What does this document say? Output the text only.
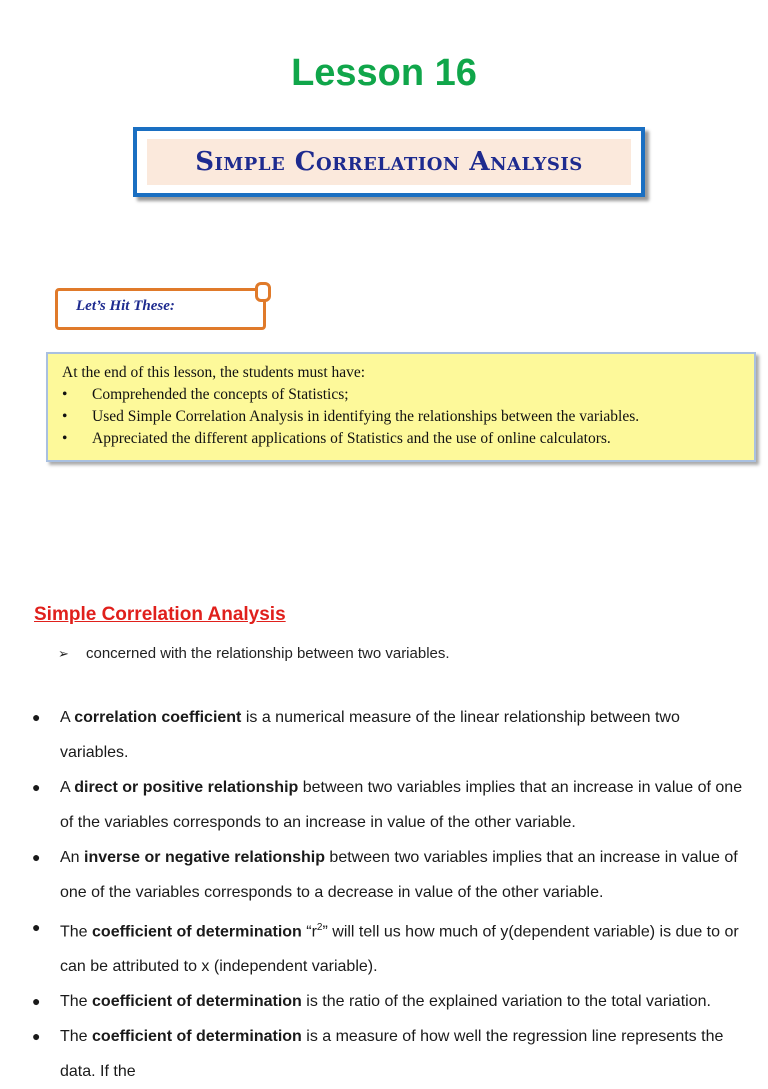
Lesson 16
Simple Correlation Analysis
Let’s Hit These:
At the end of this lesson, the students must have:
•	Comprehended the concepts of Statistics;
•	Used Simple Correlation Analysis in identifying the relationships between the variables.
•	Appreciated the different applications of Statistics and the use of online calculators.
Simple Correlation Analysis
➢	concerned with the relationship between two variables.
●	A correlation coefficient is a numerical measure of the linear relationship between two variables.
●	A direct or positive relationship between two variables implies that an increase in value of one of the variables corresponds to an increase in value of the other variable.
●	An inverse or negative relationship between two variables implies that an increase in value of one of the variables corresponds to a decrease in value of the other variable.
●	The coefficient of determination “$r^2$” will tell us how much of y(dependent variable) is due to or can be attributed to x (independent variable).
●	The coefficient of determination is the ratio of the explained variation to the total variation.
●	The coefficient of determination is a measure of how well the regression line represents the data. If the
